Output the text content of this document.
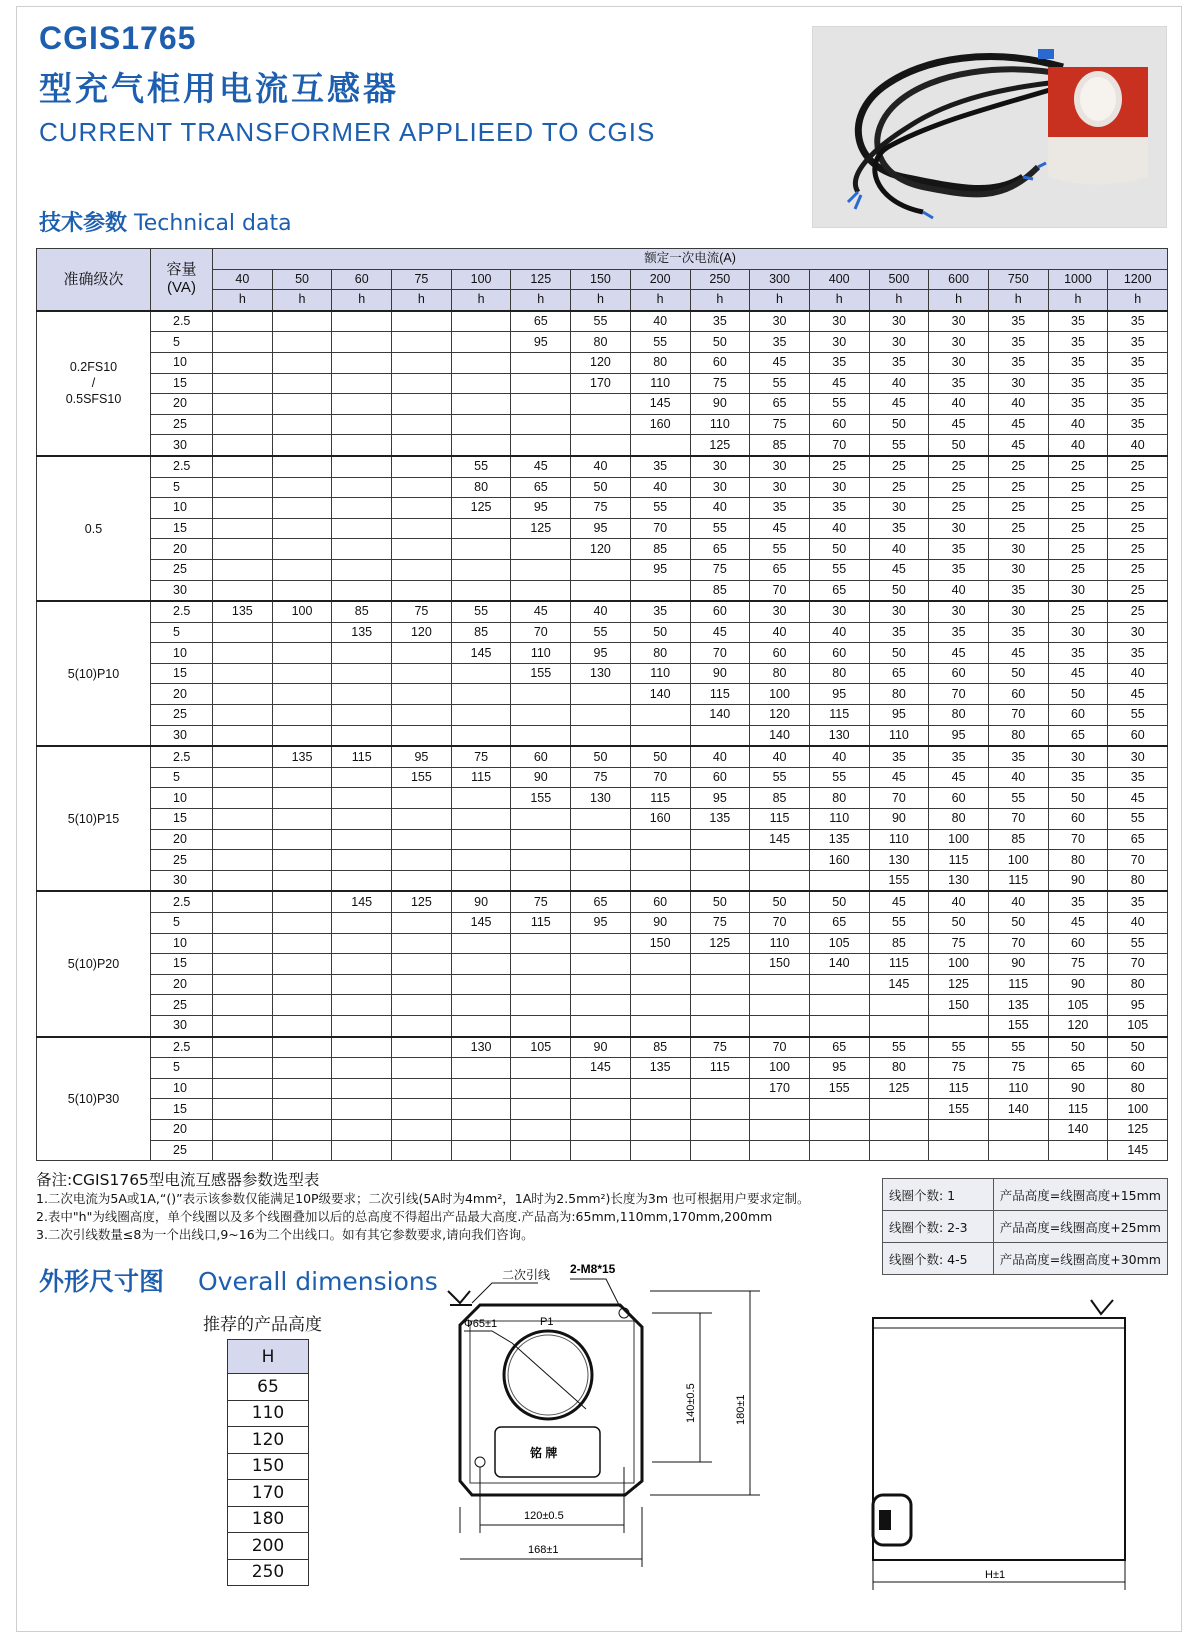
CGIS1765
型充气柜用电流互感器
CURRENT TRANSFORMER APPLIEED TO CGIS
技术参数 Technical data
准确级次	容量
(VA)	额定一次电流(A)															
		40	50	60	75	100	125	150	200	250	300	400	500	600	750	1000	1200
		h	h	h	h	h	h	h	h	h	h	h	h	h	h	h	h
0.2FS10
/
0.5SFS10	2.5						65	55	40	35	30	30	30	30	35	35	35
	5						95	80	55	50	35	30	30	30	35	35	35
	10							120	80	60	45	35	35	30	35	35	35
	15							170	110	75	55	45	40	35	30	35	35
	20								145	90	65	55	45	40	40	35	35
	25								160	110	75	60	50	45	45	40	35
	30									125	85	70	55	50	45	40	40
0.5	2.5					55	45	40	35	30	30	25	25	25	25	25	25
	5					80	65	50	40	30	30	30	25	25	25	25	25
	10					125	95	75	55	40	35	35	30	25	25	25	25
	15						125	95	70	55	45	40	35	30	25	25	25
	20							120	85	65	55	50	40	35	30	25	25
	25								95	75	65	55	45	35	30	25	25
	30									85	70	65	50	40	35	30	25
5(10)P10	2.5	135	100	85	75	55	45	40	35	60	30	30	30	30	30	25	25
	5			135	120	85	70	55	50	45	40	40	35	35	35	30	30
	10					145	110	95	80	70	60	60	50	45	45	35	35
	15						155	130	110	90	80	80	65	60	50	45	40
	20								140	115	100	95	80	70	60	50	45
	25									140	120	115	95	80	70	60	55
	30										140	130	110	95	80	65	60
5(10)P15	2.5		135	115	95	75	60	50	50	40	40	40	35	35	35	30	30
	5				155	115	90	75	70	60	55	55	45	45	40	35	35
	10						155	130	115	95	85	80	70	60	55	50	45
	15								160	135	115	110	90	80	70	60	55
	20										145	135	110	100	85	70	65
	25											160	130	115	100	80	70
	30												155	130	115	90	80
5(10)P20	2.5			145	125	90	75	65	60	50	50	50	45	40	40	35	35
	5					145	115	95	90	75	70	65	55	50	50	45	40
	10								150	125	110	105	85	75	70	60	55
	15										150	140	115	100	90	75	70
	20												145	125	115	90	80
	25													150	135	105	95
	30														155	120	105
5(10)P30	2.5					130	105	90	85	75	70	65	55	55	55	50	50
	5							145	135	115	100	95	80	75	75	65	60
	10										170	155	125	115	110	90	80
	15													155	140	115	100
	20															140	125
	25																145
备注:CGIS1765型电流互感器参数选型表
1.二次电流为5A或1A,“()”表示该参数仅能满足10P级要求；二次引线(5A时为4mm²，1A时为2.5mm²)长度为3m 也可根据用户要求定制。
2.表中"h"为线圈高度，单个线圈以及多个线圈叠加以后的总高度不得超出产品最大高度.产品高为:65mm,110mm,170mm,200mm
3.二次引线数量≤8为一个出线口,9~16为二个出线口。如有其它参数要求,请向我们咨询。
线圈个数: 1	产品高度=线圈高度+15mm
线圈个数: 2-3	产品高度=线圈高度+25mm
线圈个数: 4-5	产品高度=线圈高度+30mm
外形尺寸图 Overall dimensions
推荐的产品高度
H
65
110
120
150
170
180
200
250
二次引线 2-M8*15
P1
Φ65±1
铭 牌
120±0.5
168±1
140±0.5	180±1
H±1
